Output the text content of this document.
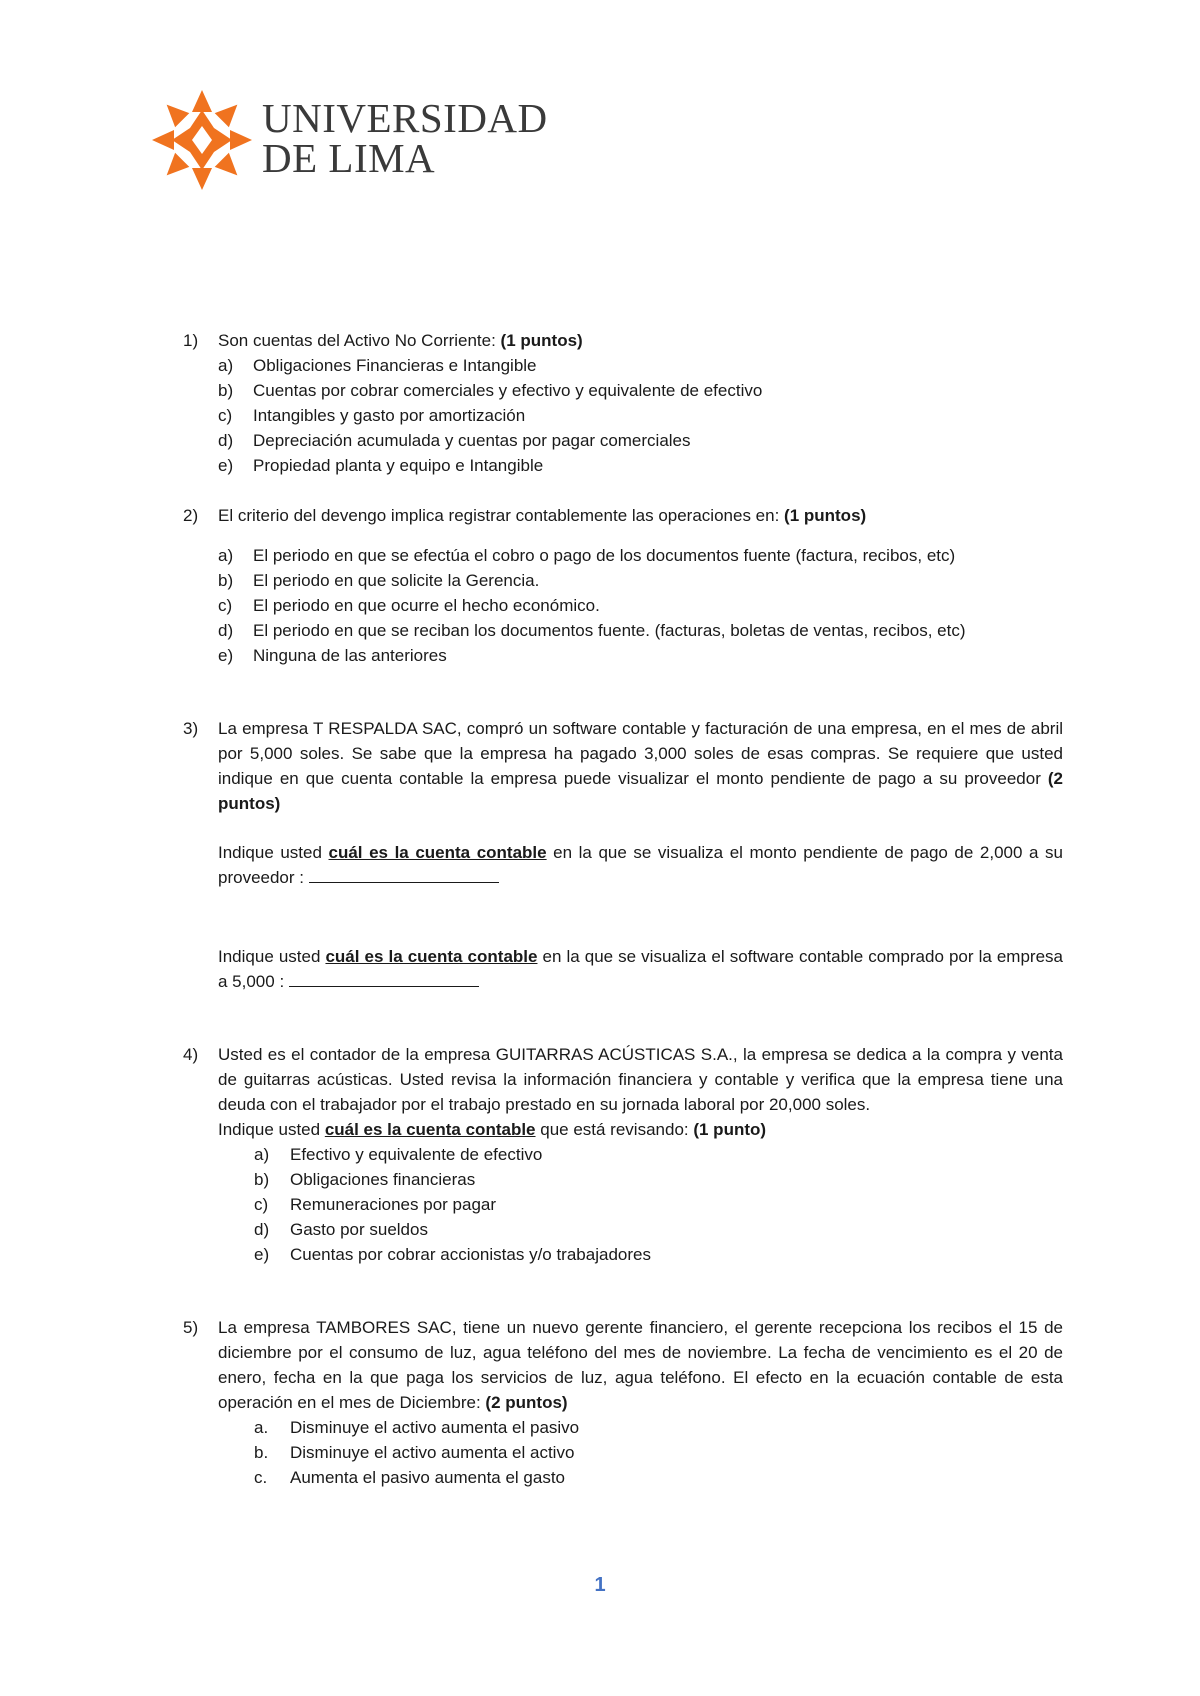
UNIVERSIDAD
DE LIMA
1) Son cuentas del Activo No Corriente: (1 puntos)
a) Obligaciones Financieras e Intangible
b) Cuentas por cobrar comerciales y efectivo y equivalente de efectivo
c) Intangibles y gasto por amortización
d) Depreciación acumulada y cuentas por pagar comerciales
e) Propiedad planta y equipo e Intangible
2) El criterio del devengo implica registrar contablemente las operaciones en: (1 puntos)
a) El periodo en que se efectúa el cobro o pago de los documentos fuente (factura, recibos, etc)
b) El periodo en que solicite la Gerencia.
c) El periodo en que ocurre el hecho económico.
d) El periodo en que se reciban los documentos fuente. (facturas, boletas de ventas, recibos, etc)
e) Ninguna de las anteriores
3) La empresa T RESPALDA SAC, compró un software contable y facturación de una empresa, en el mes de abril por 5,000 soles. Se sabe que la empresa ha pagado 3,000 soles de esas compras. Se requiere que usted indique en que cuenta contable la empresa puede visualizar el monto pendiente de pago a su proveedor (2 puntos)
Indique usted cuál es la cuenta contable en la que se visualiza el monto pendiente de pago de 2,000 a su proveedor :
Indique usted cuál es la cuenta contable en la que se visualiza el software contable comprado por la empresa a 5,000 :
4) Usted es el contador de la empresa GUITARRAS ACÚSTICAS S.A., la empresa se dedica a la compra y venta de guitarras acústicas. Usted revisa la información financiera y contable y verifica que la empresa tiene una deuda con el trabajador por el trabajo prestado en su jornada laboral por 20,000 soles.
Indique usted cuál es la cuenta contable que está revisando: (1 punto)
a) Efectivo y equivalente de efectivo
b) Obligaciones financieras
c) Remuneraciones por pagar
d) Gasto por sueldos
e) Cuentas por cobrar accionistas y/o trabajadores
5) La empresa TAMBORES SAC, tiene un nuevo gerente financiero, el gerente recepciona los recibos el 15 de diciembre por el consumo de luz, agua teléfono del mes de noviembre. La fecha de vencimiento es el 20 de enero, fecha en la que paga los servicios de luz, agua teléfono. El efecto en la ecuación contable de esta operación en el mes de Diciembre: (2 puntos)
a. Disminuye el activo aumenta el pasivo
b. Disminuye el activo aumenta el activo
c. Aumenta el pasivo aumenta el gasto
1
